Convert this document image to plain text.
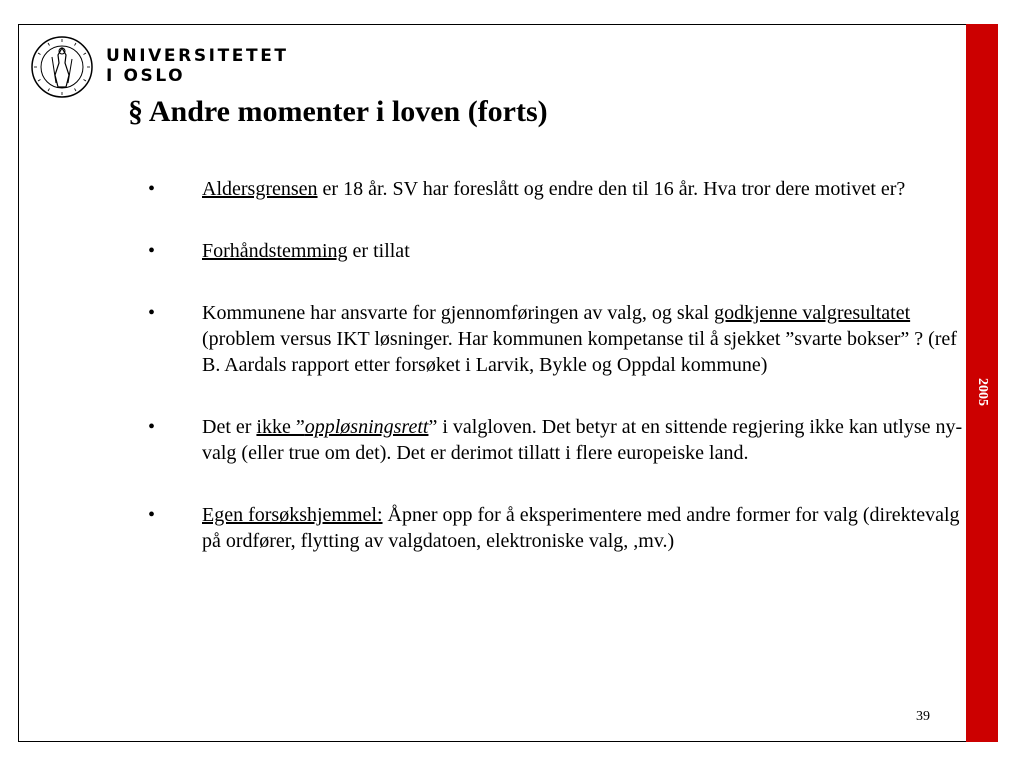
UNIVERSITETET
I OSLO
§ Andre momenter i loven (forts)
• Aldersgrensen er 18 år. SV har foreslått og endre den til 16 år. Hva tror dere motivet er?
• Forhåndstemming er tillat
• Kommunene har ansvarte for gjennomføringen av valg, og skal godkjenne valgresultatet (problem versus IKT løsninger. Har kommunen kompetanse til å sjekket ”svarte bokser” ? (ref B. Aardals rapport etter forsøket i Larvik, Bykle og Oppdal kommune)
• Det er ikke ”oppløsningsrett” i valgloven. Det betyr at en sittende regjering ikke kan utlyse ny- valg (eller true om det). Det er derimot tillatt i flere europeiske land.
• Egen forsøkshjemmel: Åpner opp for å eksperimentere med andre former for valg (direktevalg på ordfører, flytting av valgdatoen, elektroniske valg, ,mv.)
2005
39
